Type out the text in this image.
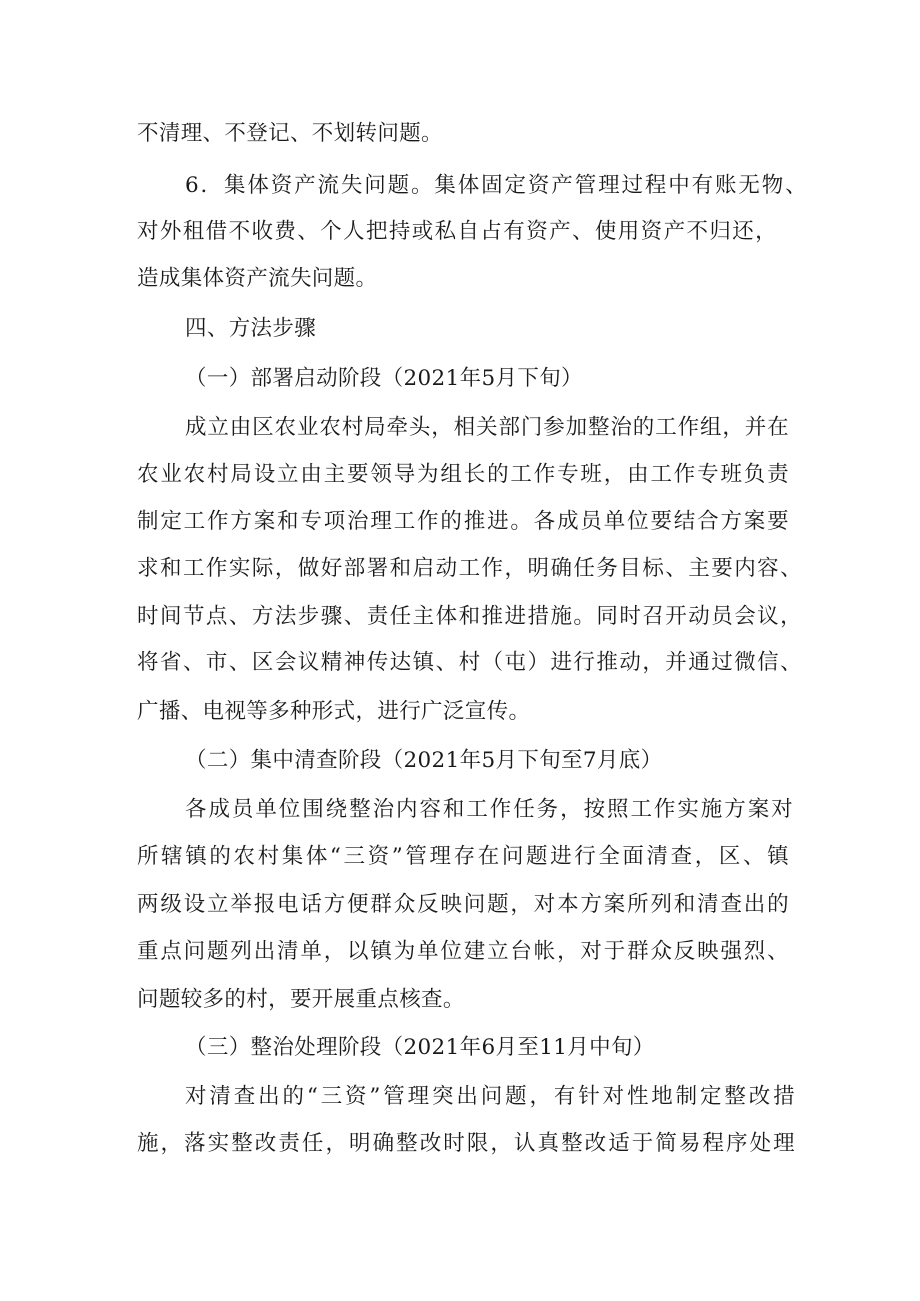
不清理、不登记、不划转问题。
6．集体资产流失问题。集体固定资产管理过程中有账无物、
对外租借不收费、个人把持或私自占有资产、使用资产不归还，
造成集体资产流失问题。
四、方法步骤
（一）部署启动阶段（2021年5月下旬）
成立由区农业农村局牵头，相关部门参加整治的工作组，并在
农业农村局设立由主要领导为组长的工作专班，由工作专班负责
制定工作方案和专项治理工作的推进。各成员单位要结合方案要
求和工作实际，做好部署和启动工作，明确任务目标、主要内容、
时间节点、方法步骤、责任主体和推进措施。同时召开动员会议，
将省、市、区会议精神传达镇、村（屯）进行推动，并通过微信、
广播、电视等多种形式，进行广泛宣传。
（二）集中清查阶段（2021年5月下旬至7月底）
各成员单位围绕整治内容和工作任务，按照工作实施方案对
所辖镇的农村集体“三资”管理存在问题进行全面清查，区、镇
两级设立举报电话方便群众反映问题，对本方案所列和清查出的
重点问题列出清单，以镇为单位建立台帐，对于群众反映强烈、
问题较多的村，要开展重点核查。
（三）整治处理阶段（2021年6月至11月中旬）
对清查出的“三资”管理突出问题，有针对性地制定整改措
施，落实整改责任，明确整改时限，认真整改适于简易程序处理
